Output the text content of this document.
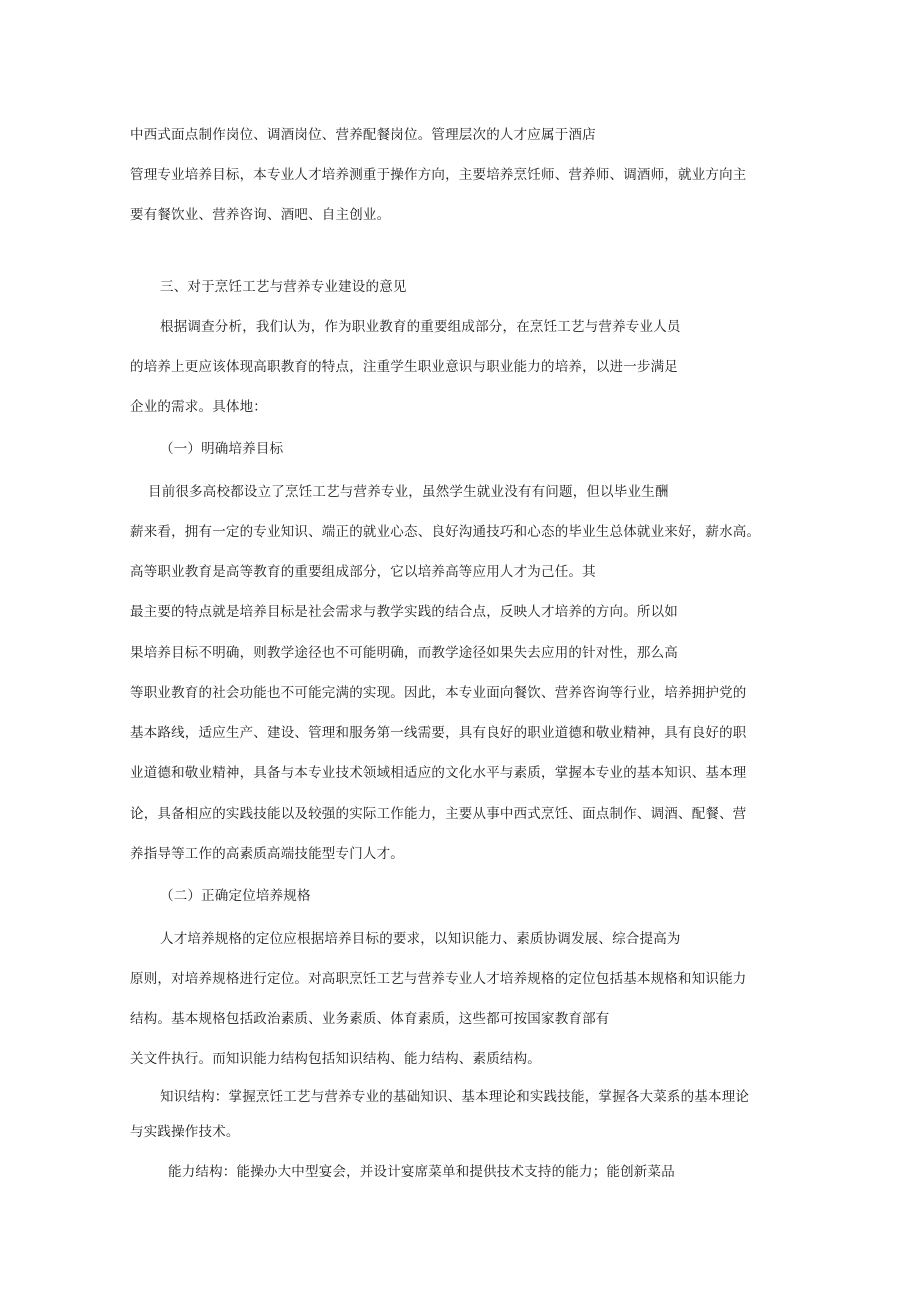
中西式面点制作岗位、调酒岗位、营养配餐岗位。管理层次的人才应属于酒店
管理专业培养目标，本专业人才培养测重于操作方向，主要培养烹饪师、营养师、调酒师，就业方向主
要有餐饮业、营养咨询、酒吧、自主创业。
三、对于烹饪工艺与营养专业建设的意见
根据调查分析，我们认为，作为职业教育的重要组成部分，在烹饪工艺与营养专业人员
的培养上更应该体现高职教育的特点，注重学生职业意识与职业能力的培养，以进一步满足
企业的需求。具体地：
（一）明确培养目标
目前很多高校都设立了烹饪工艺与营养专业，虽然学生就业没有有问题，但以毕业生酬
薪来看，拥有一定的专业知识、端正的就业心态、良好沟通技巧和心态的毕业生总体就业来好，薪水高。
高等职业教育是高等教育的重要组成部分，它以培养高等应用人才为己任。其
最主要的特点就是培养目标是社会需求与教学实践的结合点，反映人才培养的方向。所以如
果培养目标不明确，则教学途径也不可能明确，而教学途径如果失去应用的针对性，那么高
等职业教育的社会功能也不可能完满的实现。因此，本专业面向餐饮、营养咨询等行业，培养拥护党的
基本路线，适应生产、建设、管理和服务第一线需要，具有良好的职业道德和敬业精神，具有良好的职
业道德和敬业精神，具备与本专业技术领域相适应的文化水平与素质，掌握本专业的基本知识、基本理
论，具备相应的实践技能以及较强的实际工作能力，主要从事中西式烹饪、面点制作、调酒、配餐、营
养指导等工作的高素质高端技能型专门人才。
（二）正确定位培养规格
人才培养规格的定位应根据培养目标的要求，以知识能力、素质协调发展、综合提高为
原则，对培养规格进行定位。对高职烹饪工艺与营养专业人才培养规格的定位包括基本规格和知识能力
结构。基本规格包括政治素质、业务素质、体育素质，这些都可按国家教育部有
关文件执行。而知识能力结构包括知识结构、能力结构、素质结构。
知识结构：掌握烹饪工艺与营养专业的基础知识、基本理论和实践技能，掌握各大菜系的基本理论
与实践操作技术。
能力结构：能操办大中型宴会，并设计宴席菜单和提供技术支持的能力；能创新菜品
